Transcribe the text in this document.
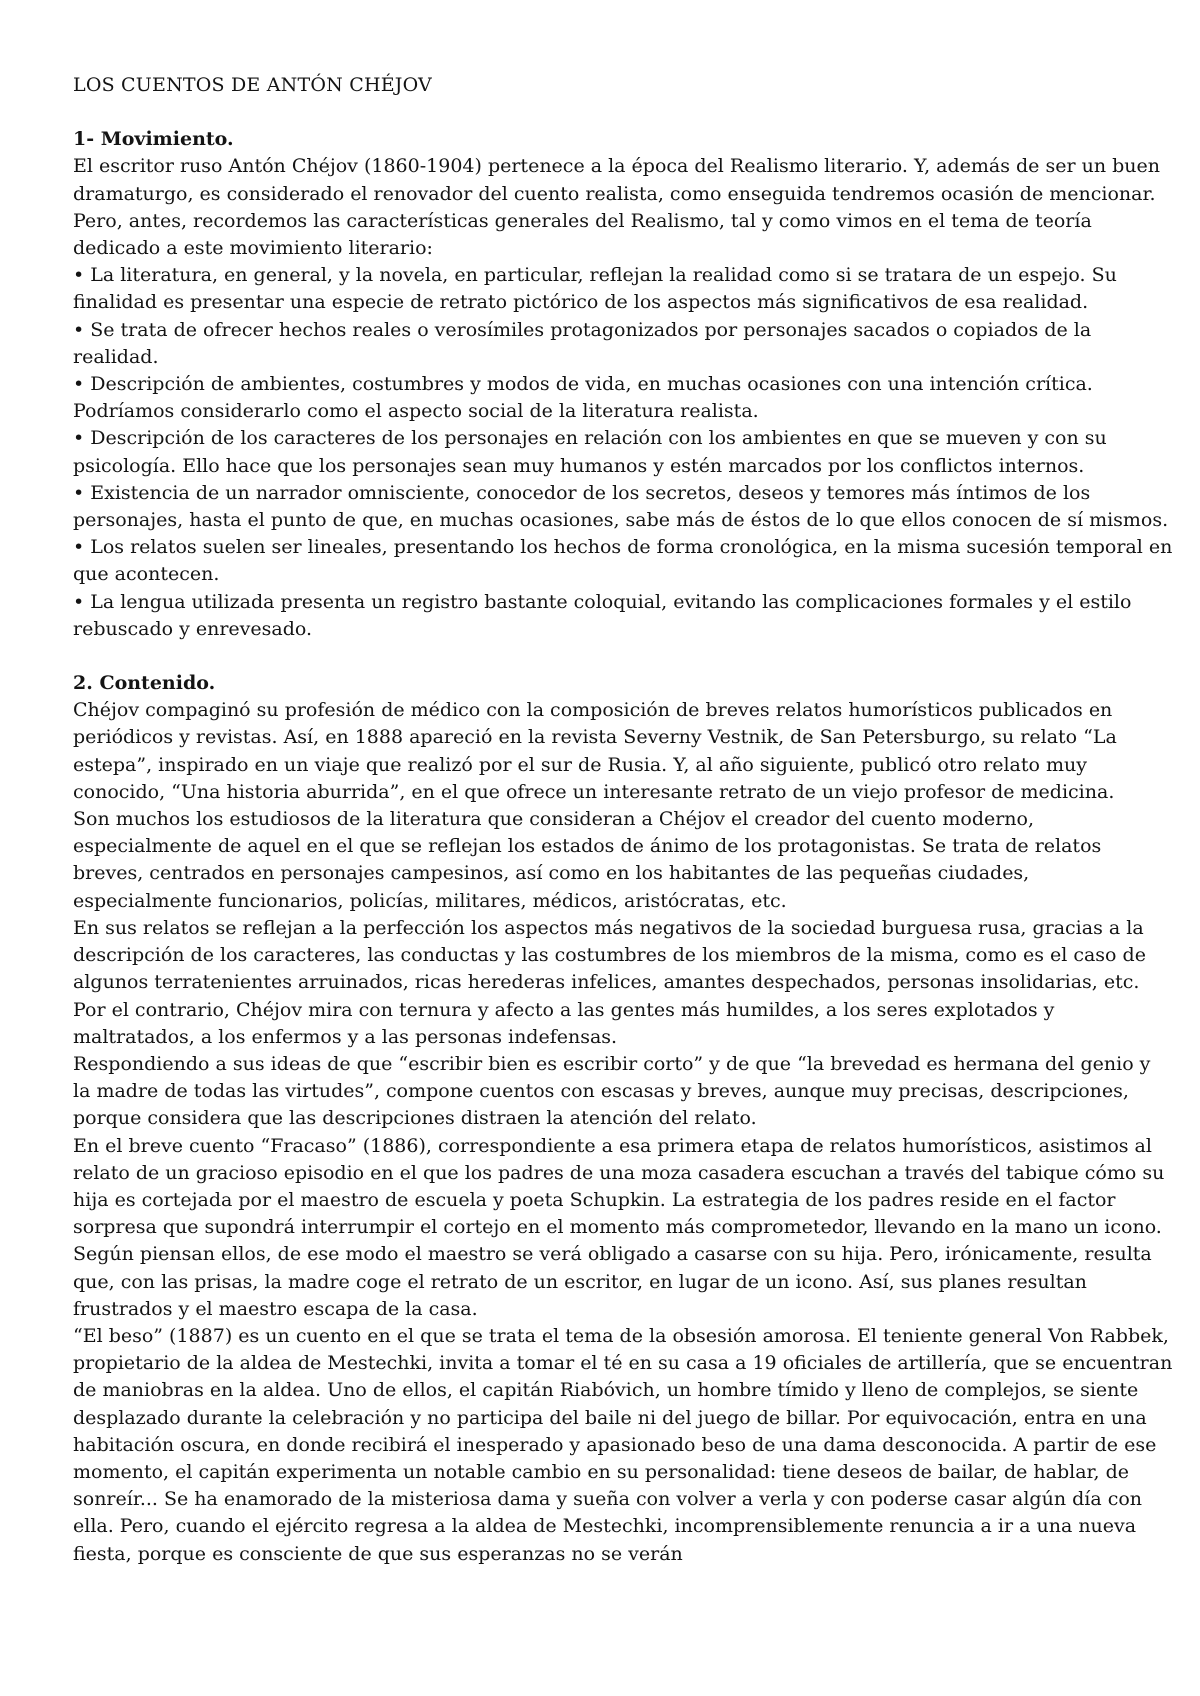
LOS CUENTOS DE ANTÓN CHÉJOV
1- Movimiento.

El escritor ruso Antón Chéjov (1860-1904) pertenece a la época del Realismo literario. Y, además de ser un buen dramaturgo, es considerado el renovador del cuento realista, como enseguida tendremos ocasión de mencionar. Pero, antes, recordemos las características generales del Realismo, tal y como vimos en el tema de teoría dedicado a este movimiento literario:

• La literatura, en general, y la novela, en particular, reflejan la realidad como si se tratara de un espejo. Su finalidad es presentar una especie de retrato pictórico de los aspectos más significativos de esa realidad.

• Se trata de ofrecer hechos reales o verosímiles protagonizados por personajes sacados o copiados de la realidad.

• Descripción de ambientes, costumbres y modos de vida, en muchas ocasiones con una intención crítica. Podríamos considerarlo como el aspecto social de la literatura realista.

• Descripción de los caracteres de los personajes en relación con los ambientes en que se mueven y con su psicología. Ello hace que los personajes sean muy humanos y estén marcados por los conflictos internos.

• Existencia de un narrador omnisciente, conocedor de los secretos, deseos y temores más íntimos de los personajes, hasta el punto de que, en muchas ocasiones, sabe más de éstos de lo que ellos conocen de sí mismos.

• Los relatos suelen ser lineales, presentando los hechos de forma cronológica, en la misma sucesión temporal en que acontecen.

• La lengua utilizada presenta un registro bastante coloquial, evitando las complicaciones formales y el estilo rebuscado y enrevesado.

2. Contenido.

Chéjov compaginó su profesión de médico con la composición de breves relatos humorísticos publicados en periódicos y revistas. Así, en 1888 apareció en la revista Severny Vestnik, de San Petersburgo, su relato “La estepa”, inspirado en un viaje que realizó por el sur de Rusia. Y, al año siguiente, publicó otro relato muy conocido, “Una historia aburrida”, en el que ofrece un interesante retrato de un viejo profesor de medicina.

Son muchos los estudiosos de la literatura que consideran a Chéjov el creador del cuento moderno, especialmente de aquel en el que se reflejan los estados de ánimo de los protagonistas. Se trata de relatos breves, centrados en personajes campesinos, así como en los habitantes de las pequeñas ciudades, especialmente funcionarios, policías, militares, médicos, aristócratas, etc.

En sus relatos se reflejan a la perfección los aspectos más negativos de la sociedad burguesa rusa, gracias a la descripción de los caracteres, las conductas y las costumbres de los miembros de la misma, como es el caso de algunos terratenientes arruinados, ricas herederas infelices, amantes despechados, personas insolidarias, etc. Por el contrario, Chéjov mira con ternura y afecto a las gentes más humildes, a los seres explotados y maltratados, a los enfermos y a las personas indefensas.

Respondiendo a sus ideas de que “escribir bien es escribir corto” y de que “la brevedad es hermana del genio y la madre de todas las virtudes”, compone cuentos con escasas y breves, aunque muy precisas, descripciones, porque considera que las descripciones distraen la atención del relato.

En el breve cuento “Fracaso” (1886), correspondiente a esa primera etapa de relatos humorísticos, asistimos al relato de un gracioso episodio en el que los padres de una moza casadera escuchan a través del tabique cómo su hija es cortejada por el maestro de escuela y poeta Schupkin. La estrategia de los padres reside en el factor sorpresa que supondrá interrumpir el cortejo en el momento más comprometedor, llevando en la mano un icono. Según piensan ellos, de ese modo el maestro se verá obligado a casarse con su hija. Pero, irónicamente, resulta que, con las prisas, la madre coge el retrato de un escritor, en lugar de un icono. Así, sus planes resultan frustrados y el maestro escapa de la casa.

“El beso” (1887) es un cuento en el que se trata el tema de la obsesión amorosa. El teniente general Von Rabbek, propietario de la aldea de Mestechki, invita a tomar el té en su casa a 19 oficiales de artillería, que se encuentran de maniobras en la aldea. Uno de ellos, el capitán Riabóvich, un hombre tímido y lleno de complejos, se siente desplazado durante la celebración y no participa del baile ni del juego de billar. Por equivocación, entra en una habitación oscura, en donde recibirá el inesperado y apasionado beso de una dama desconocida. A partir de ese momento, el capitán experimenta un notable cambio en su personalidad: tiene deseos de bailar, de hablar, de sonreír... Se ha enamorado de la misteriosa dama y sueña con volver a verla y con poderse casar algún día con ella. Pero, cuando el ejército regresa a la aldea de Mestechki, incomprensiblemente renuncia a ir a una nueva fiesta, porque es consciente de que sus esperanzas no se verán
